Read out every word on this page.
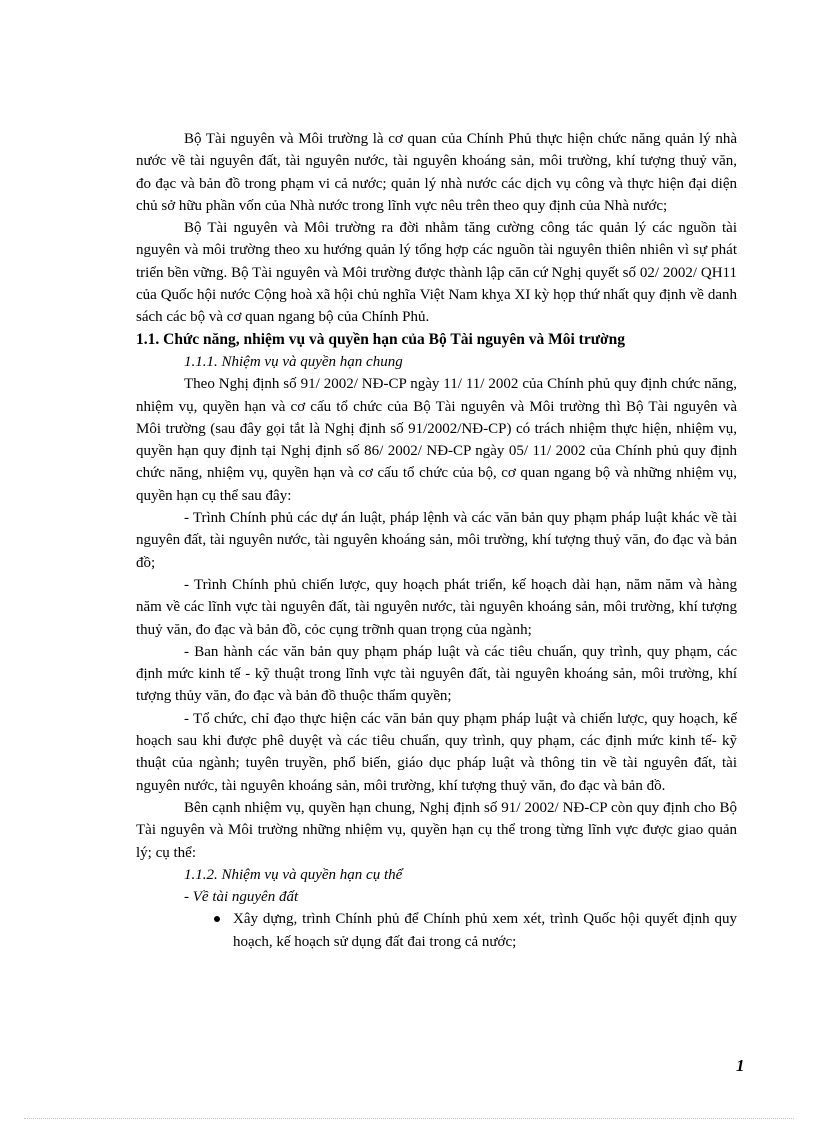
Bộ Tài nguyên và Môi trường là cơ quan của Chính Phủ thực hiện chức năng quản lý nhà nước về tài nguyên đất, tài nguyên nước, tài nguyên khoáng sản, môi trường, khí tượng thuỷ văn, đo đạc và bản đồ trong phạm vi cả nước; quản lý nhà nước các dịch vụ công và thực hiện đại diện chủ sở hữu phần vốn của Nhà nước trong lĩnh vực nêu trên theo quy định của Nhà nước;

Bộ Tài nguyên và Môi trường ra đời nhằm tăng cường công tác quản lý các nguồn tài nguyên và môi trường theo xu hướng quản lý tổng hợp các nguồn tài nguyên thiên nhiên vì sự phát triển bền vững. Bộ Tài nguyên và Môi trường được thành lập căn cứ Nghị quyết số 02/ 2002/ QH11 của Quốc hội nước Cộng hoà xã hội chủ nghĩa Việt Nam khỵa XI kỳ họp thứ nhất quy định về danh sách các bộ và cơ quan ngang bộ của Chính Phủ.

1.1. Chức năng, nhiệm vụ và quyền hạn của Bộ Tài nguyên và Môi trường

1.1.1. Nhiệm vụ và quyền hạn chung

Theo Nghị định số 91/ 2002/ NĐ-CP ngày 11/ 11/ 2002 của Chính phủ quy định chức năng, nhiệm vụ, quyền hạn và cơ cấu tổ chức của Bộ Tài nguyên và Môi trường thì Bộ Tài nguyên và Môi trường (sau đây gọi tắt là Nghị định số 91/2002/NĐ-CP) có trách nhiệm thực hiện, nhiệm vụ, quyền hạn quy định tại Nghị định số 86/ 2002/ NĐ-CP ngày 05/ 11/ 2002 của Chính phủ quy định chức năng, nhiệm vụ, quyền hạn và cơ cấu tổ chức của bộ, cơ quan ngang bộ và những nhiệm vụ, quyền hạn cụ thể sau đây:

- Trình Chính phủ các dự án luật, pháp lệnh và các văn bản quy phạm pháp luật khác về tài nguyên đất, tài nguyên nước, tài nguyên khoáng sản, môi trường, khí tượng thuỷ văn, đo đạc và bản đồ;

- Trình Chính phủ chiến lược, quy hoạch phát triển, kế hoạch dài hạn, năm năm và hàng năm về các lĩnh vực tài nguyên đất, tài nguyên nước, tài nguyên khoáng sản, môi trường, khí tượng thuỷ văn, đo đạc và bản đồ, cỏc cụng trỡnh quan trọng của ngành;

- Ban hành các văn bản quy phạm pháp luật và các tiêu chuẩn, quy trình, quy phạm, các định mức kinh tế - kỹ thuật trong lĩnh vực tài nguyên đất, tài nguyên khoáng sản, môi trường, khí tượng thủy văn, đo đạc và bản đồ thuộc thẩm quyền;

- Tổ chức, chỉ đạo thực hiện các văn bản quy phạm pháp luật và chiến lược, quy hoạch, kế hoạch sau khi được phê duyệt và các tiêu chuẩn, quy trình, quy phạm, các định mức kinh tế- kỹ thuật của ngành; tuyên truyền, phổ biến, giáo dục pháp luật và thông tin về tài nguyên đất, tài nguyên nước, tài nguyên khoáng sản, môi trường, khí tượng thuỷ văn, đo đạc và bản đồ.

Bên cạnh nhiệm vụ, quyền hạn chung, Nghị định số 91/ 2002/ NĐ-CP còn quy định cho Bộ Tài nguyên và Môi trường những nhiệm vụ, quyền hạn cụ thể trong từng lĩnh vực được giao quản lý; cụ thể:

1.1.2. Nhiệm vụ và quyền hạn cụ thể

- Về tài nguyên đất

Xây dựng, trình Chính phủ để Chính phủ xem xét, trình Quốc hội quyết định quy hoạch, kế hoạch sử dụng đất đai trong cả nước;
1
